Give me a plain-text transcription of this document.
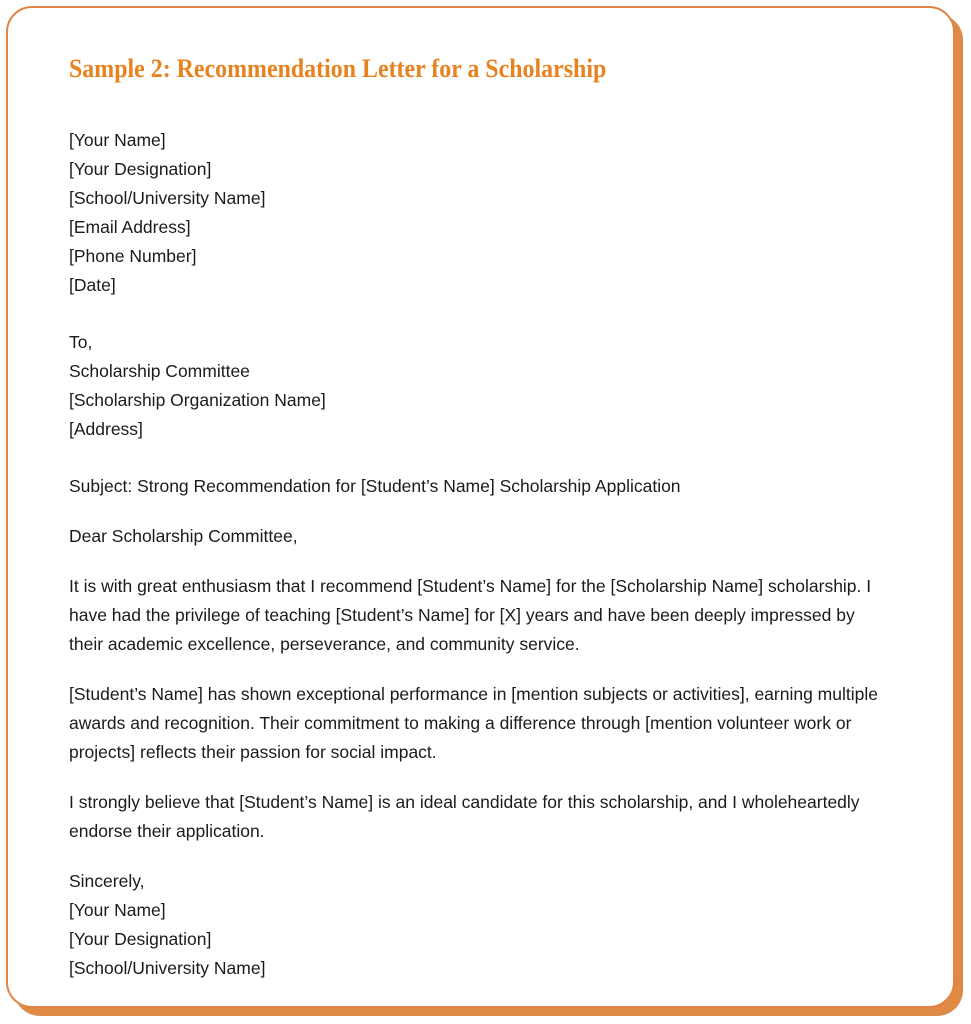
Sample 2: Recommendation Letter for a Scholarship
[Your Name]
[Your Designation]
[School/University Name]
[Email Address]
[Phone Number]
[Date]
To,
Scholarship Committee
[Scholarship Organization Name]
[Address]

Subject: Strong Recommendation for [Student’s Name] Scholarship Application

Dear Scholarship Committee,

It is with great enthusiasm that I recommend [Student’s Name] for the [Scholarship Name] scholarship. I have had the privilege of teaching [Student’s Name] for [X] years and have been deeply impressed by their academic excellence, perseverance, and community service.

[Student’s Name] has shown exceptional performance in [mention subjects or activities], earning multiple awards and recognition. Their commitment to making a difference through [mention volunteer work or projects] reflects their passion for social impact.

I strongly believe that [Student’s Name] is an ideal candidate for this scholarship, and I wholeheartedly endorse their application.

Sincerely,
[Your Name]
[Your Designation]
[School/University Name]
